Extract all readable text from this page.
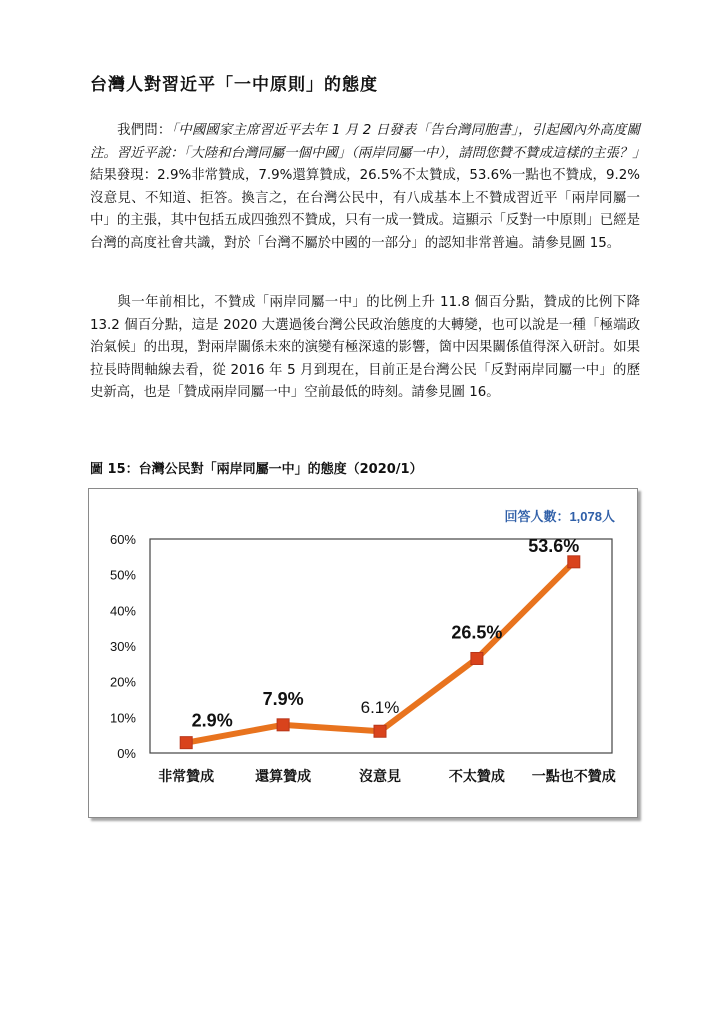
台灣人對習近平「一中原則」的態度

我們問：「中國國家主席習近平去年 1 月 2 日發表「告台灣同胞書」，引起國內外高度關注。習近平說：「大陸和台灣同屬一個中國」（兩岸同屬一中），請問您贊不贊成這樣的主張？」結果發現：2.9%非常贊成，7.9%還算贊成，26.5%不太贊成，53.6%一點也不贊成，9.2%沒意見、不知道、拒答。換言之，在台灣公民中，有八成基本上不贊成習近平「兩岸同屬一中」的主張，其中包括五成四強烈不贊成，只有一成一贊成。這顯示「反對一中原則」已經是台灣的高度社會共識，對於「台灣不屬於中國的一部分」的認知非常普遍。請參見圖 15。

與一年前相比，不贊成「兩岸同屬一中」的比例上升 11.8 個百分點，贊成的比例下降 13.2 個百分點，這是 2020 大選過後台灣公民政治態度的大轉變，也可以說是一種「極端政治氣候」的出現，對兩岸關係未來的演變有極深遠的影響，箇中因果關係值得深入研討。如果拉長時間軸線去看，從 2016 年 5 月到現在，目前正是台灣公民「反對兩岸同屬一中」的歷史新高，也是「贊成兩岸同屬一中」空前最低的時刻。請參見圖 16。

圖 15：台灣公民對「兩岸同屬一中」的態度（2020/1）
回答人數：1,078人
0%
10%
20%
30%
40%
50%
60%
非常贊成	還算贊成	沒意見	不太贊成 一點也不贊成
2.9%
7.9%	6.1%
26.5%
53.6%
